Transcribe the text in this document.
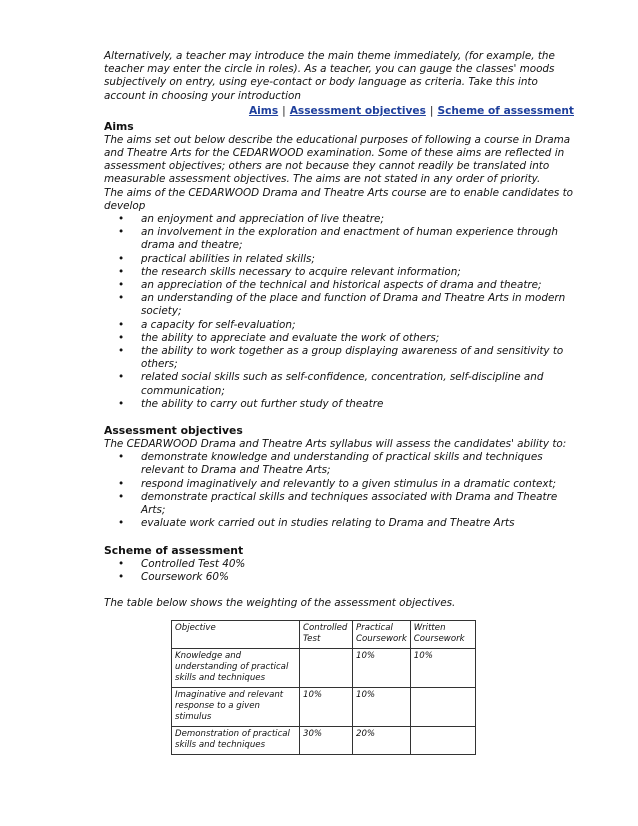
Alternatively, a teacher may introduce the main theme immediately, (for example, the teacher may enter the circle in roles). As a teacher, you can gauge the classes' moods subjectively on entry, using eye-contact or body language as criteria. Take this into account in choosing your introduction

Aims | Assessment objectives | Scheme of assessment
Aims

The aims set out below describe the educational purposes of following a course in Drama and Theatre Arts for the CEDARWOOD examination. Some of these aims are reflected in assessment objectives; others are not because they cannot readily be translated into measurable assessment objectives. The aims are not stated in any order of priority.

The aims of the CEDARWOOD Drama and Theatre Arts course are to enable candidates to develop

• an enjoyment and appreciation of live theatre;
• an involvement in the exploration and enactment of human experience through drama and theatre;
• practical abilities in related skills;
• the research skills necessary to acquire relevant information;
• an appreciation of the technical and historical aspects of drama and theatre;
• an understanding of the place and function of Drama and Theatre Arts in modern society;
• a capacity for self-evaluation;
• the ability to appreciate and evaluate the work of others;
• the ability to work together as a group displaying awareness of and sensitivity to others;
• related social skills such as self-confidence, concentration, self-discipline and communication;
• the ability to carry out further study of theatre
Assessment objectives

The CEDARWOOD Drama and Theatre Arts syllabus will assess the candidates' ability to:

• demonstrate knowledge and understanding of practical skills and techniques relevant to Drama and Theatre Arts;
• respond imaginatively and relevantly to a given stimulus in a dramatic context;
• demonstrate practical skills and techniques associated with Drama and Theatre Arts;
• evaluate work carried out in studies relating to Drama and Theatre Arts
Scheme of assessment
• Controlled Test 40%
• Coursework 60%

The table below shows the weighting of the assessment objectives.

Objective	Controlled Test	Practical Coursework	Written Coursework
Knowledge and understanding of practical skills and techniques		10%	10%
Imaginative and relevant response to a given stimulus	10%	10%	
Demonstration of practical skills and techniques	30%	20%	
